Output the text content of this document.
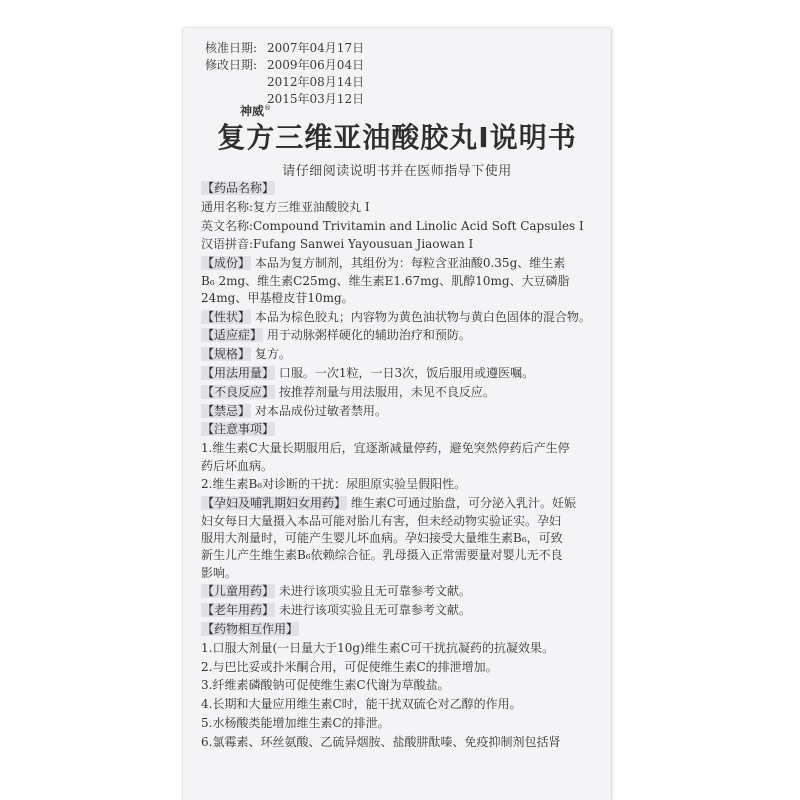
核准日期: 2007年04月17日
修改日期: 2009年06月04日
2012年08月14日
2015年03月12日
神威®
复方三维亚油酸胶丸I说明书
请仔细阅读说明书并在医师指导下使用
【药品名称】
通用名称:复方三维亚油酸胶丸 I
英文名称:Compound Trivitamin and Linolic Acid Soft Capsules I
汉语拼音:Fufang Sanwei Yayousuan Jiaowan I
【成份】 本品为复方制剂，其组份为：每粒含亚油酸0.35g、维生素
B₆ 2mg、维生素C25mg、维生素E1.67mg、肌醇10mg、大豆磷脂
24mg、甲基橙皮苷10mg。
【性状】 本品为棕色胶丸；内容物为黄色油状物与黄白色固体的混合物。
【适应症】 用于动脉粥样硬化的辅助治疗和预防。
【规格】 复方。
【用法用量】 口服。一次1粒，一日3次，饭后服用或遵医嘱。
【不良反应】 按推荐剂量与用法服用，未见不良反应。
【禁忌】 对本品成份过敏者禁用。
【注意事项】
1.维生素C大量长期服用后，宜逐渐减量停药，避免突然停药后产生停
药后坏血病。
2.维生素B₆对诊断的干扰：尿胆原实验呈假阳性。
【孕妇及哺乳期妇女用药】 维生素C可通过胎盘，可分泌入乳汁。妊娠
妇女每日大量摄入本品可能对胎儿有害，但未经动物实验证实。孕妇
服用大剂量时，可能产生婴儿坏血病。孕妇接受大量维生素B₆，可致
新生儿产生维生素B₆依赖综合征。乳母摄入正常需要量对婴儿无不良
影响。
【儿童用药】 未进行该项实验且无可靠参考文献。
【老年用药】 未进行该项实验且无可靠参考文献。
【药物相互作用】
1.口服大剂量(一日量大于10g)维生素C可干扰抗凝药的抗凝效果。
2.与巴比妥或扑米酮合用，可促使维生素C的排泄增加。
3.纤维素磷酸钠可促使维生素C代谢为草酸盐。
4.长期和大量应用维生素C时，能干扰双硫仑对乙醇的作用。
5.水杨酸类能增加维生素C的排泄。
6.氯霉素、环丝氨酸、乙硫异烟胺、盐酸肼酞嗪、免疫抑制剂包括肾
